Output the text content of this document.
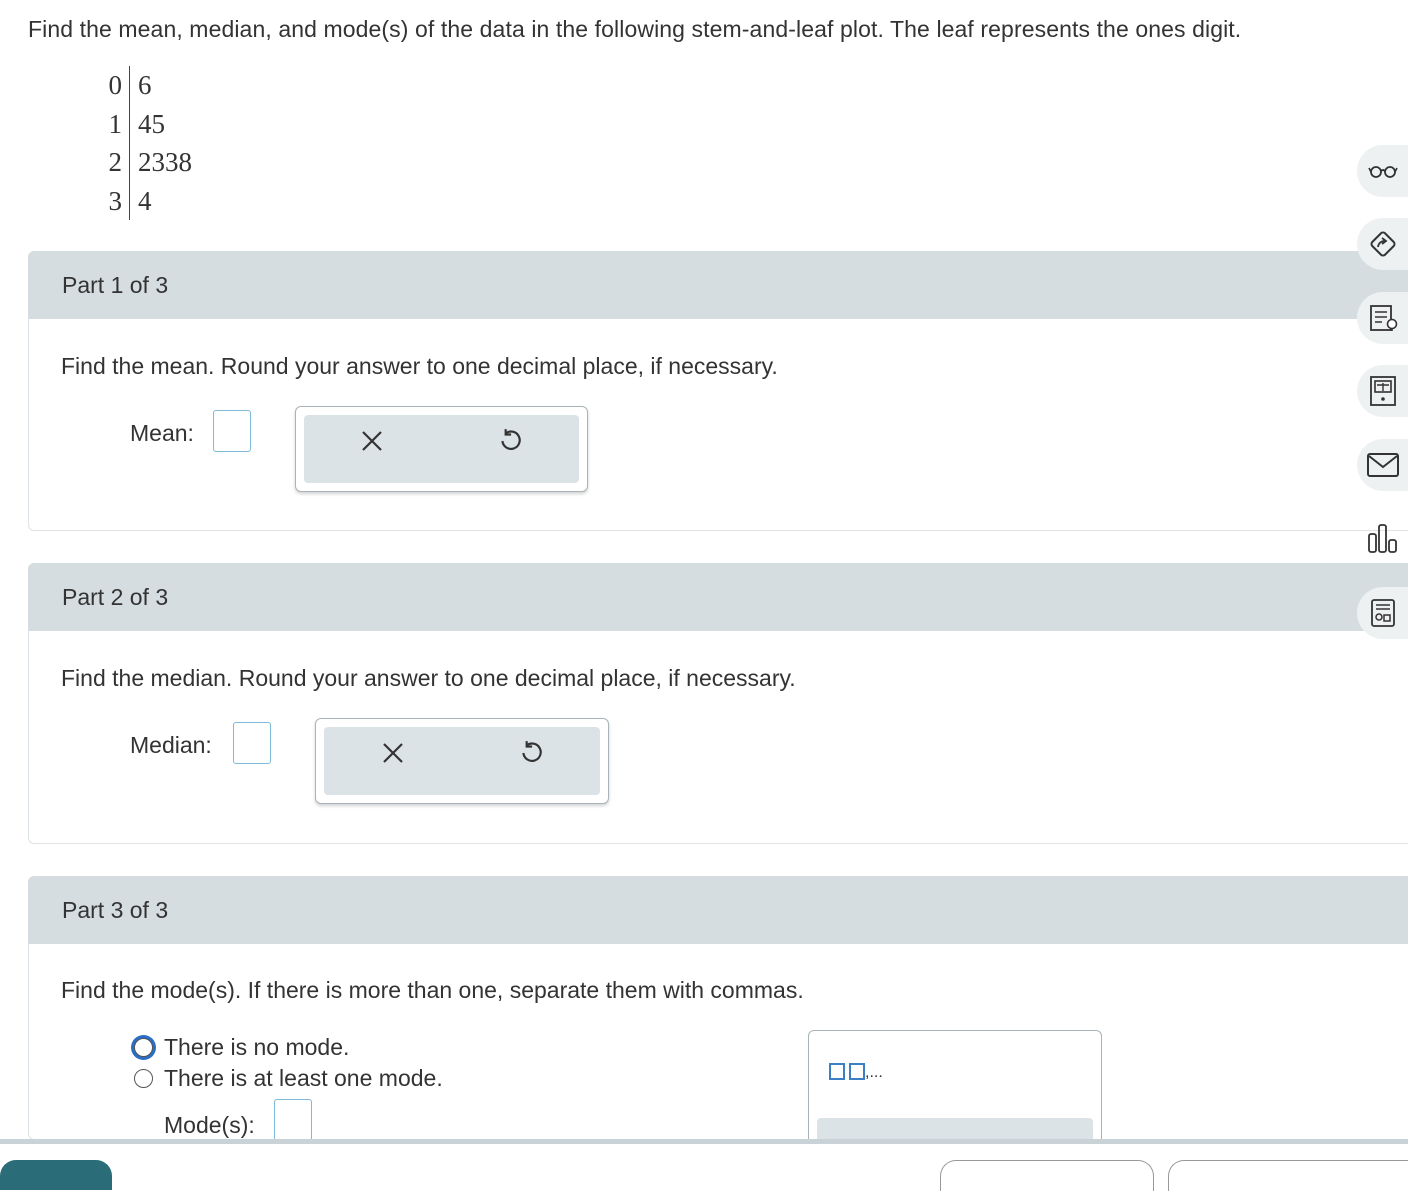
Find the mean, median, and mode(s) of the data in the following stem-and-leaf plot. The leaf represents the ones digit.
0 6
1 45
2 2338
3 4
Part 1 of 3
Find the mean. Round your answer to one decimal place, if necessary.
Mean:
Part 2 of 3
Find the median. Round your answer to one decimal place, if necessary.
Median:
Part 3 of 3
Find the mode(s). If there is more than one, separate them with commas.
There is no mode.
There is at least one mode.
Mode(s):
,...
